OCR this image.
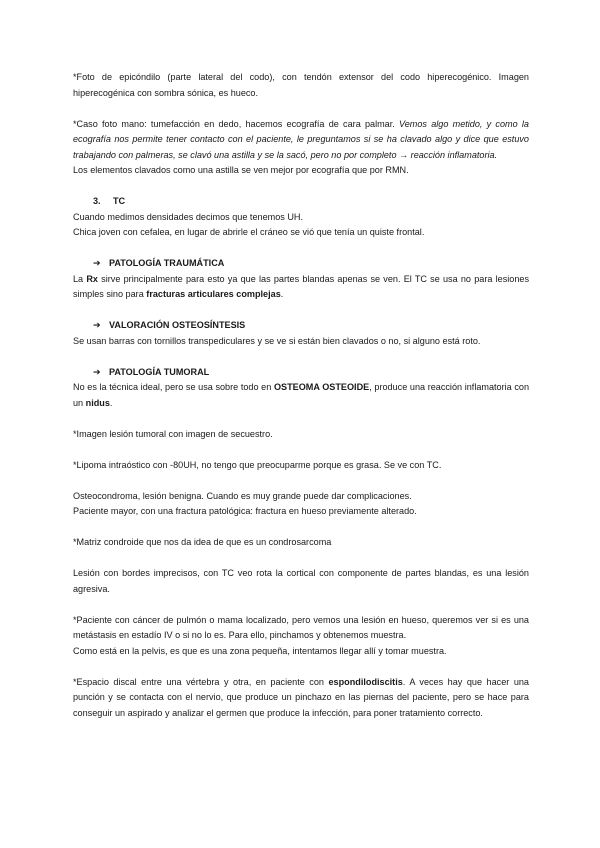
*Foto de epicóndilo (parte lateral del codo), con tendón extensor del codo hiperecogénico. Imagen hiperecogénica con sombra sónica, es hueco.

*Caso foto mano: tumefacción en dedo, hacemos ecografía de cara palmar. Vemos algo metido, y como la ecografía nos permite tener contacto con el paciente, le preguntamos si se ha clavado algo y dice que estuvo trabajando con palmeras, se clavó una astilla y se la sacó, pero no por completo → reacción inflamatoria.

Los elementos clavados como una astilla se ven mejor por ecografía que por RMN.

3. TC

Cuando medimos densidades decimos que tenemos UH.

Chica joven con cefalea, en lugar de abrirle el cráneo se vió que tenía un quiste frontal.

➔ PATOLOGÍA TRAUMÁTICA

La Rx sirve principalmente para esto ya que las partes blandas apenas se ven. El TC se usa no para lesiones simples sino para fracturas articulares complejas.

➔ VALORACIÓN OSTEOSÍNTESIS

Se usan barras con tornillos transpediculares y se ve si están bien clavados o no, si alguno está roto.

➔ PATOLOGÍA TUMORAL

No es la técnica ideal, pero se usa sobre todo en OSTEOMA OSTEOIDE, produce una reacción inflamatoria con un nidus.

*Imagen lesión tumoral con imagen de secuestro.

*Lipoma intraóstico con -80UH, no tengo que preocuparme porque es grasa. Se ve con TC.

Osteocondroma, lesión benigna. Cuando es muy grande puede dar complicaciones.

Paciente mayor, con una fractura patológica: fractura en hueso previamente alterado.

*Matriz condroide que nos da idea de que es un condrosarcoma

Lesión con bordes imprecisos, con TC veo rota la cortical con componente de partes blandas, es una lesión agresiva.

*Paciente con cáncer de pulmón o mama localizado, pero vemos una lesión en hueso, queremos ver si es una metástasis en estadío IV o si no lo es. Para ello, pinchamos y obtenemos muestra.

Como está en la pelvis, es que es una zona pequeña, intentamos llegar allí y tomar muestra.

*Espacio discal entre una vértebra y otra, en paciente con espondilodiscitis. A veces hay que hacer una punción y se contacta con el nervio, que produce un pinchazo en las piernas del paciente, pero se hace para conseguir un aspirado y analizar el germen que produce la infección, para poner tratamiento correcto.
